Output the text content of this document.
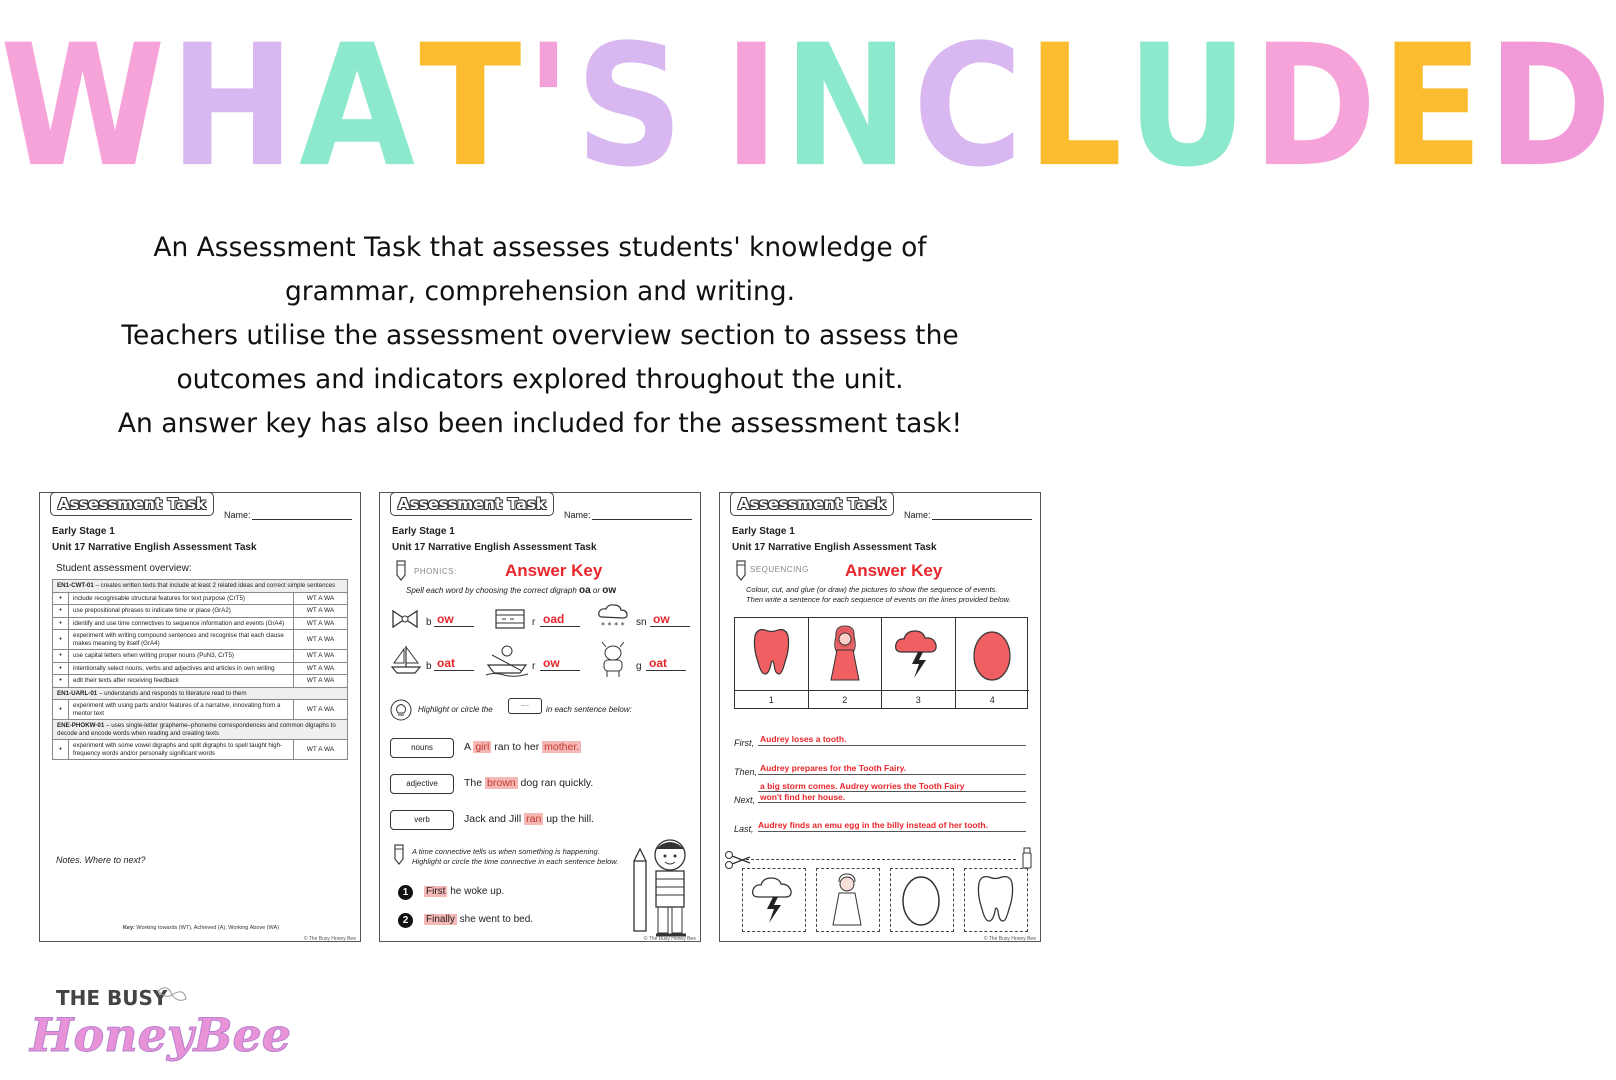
WHAT'S INCLUDED
An Assessment Task that assesses students' knowledge of
grammar, comprehension and writing.
Teachers utilise the assessment overview section to assess the
outcomes and indicators explored throughout the unit.
An answer key has also been included for the assessment task!
Assessment Task
Name:
Early Stage 1
Unit 17 Narrative English Assessment Task
Student assessment overview:
EN1-CWT-01 – creates written texts that include at least 2 related ideas and correct simple sentences		
•	include recognisable structural features for text purpose (CrT5)	WT A WA
•	use prepositional phrases to indicate time or place (GrA2)	WT A WA
•	identify and use time connectives to sequence information and events (GrA4)	WT A WA
•	experiment with writing compound sentences and recognise that each clause makes meaning by itself (GrA4)	WT A WA
•	use capital letters when writing proper nouns (PuN3, CrT5)	WT A WA
•	intentionally select nouns, verbs and adjectives and articles in own writing	WT A WA
•	edit their texts after receiving feedback	WT A WA
EN1-UARL-01 – understands and responds to literature read to them		
•	experiment with using parts and/or features of a narrative, innovating from a mentor text	WT A WA
ENE-PHOKW-01 – uses single-letter grapheme–phoneme correspondences and common digraphs to decode and encode words when reading and creating texts		
•	experiment with some vowel digraphs and split digraphs to spell taught high-frequency words and/or personally significant words	WT A WA
Notes. Where to next?
Key: Working towards (WT), Achieved (A), Working Above (WA)
© The Busy Honey Bee
Assessment Task
Name:
Early Stage 1
Unit 17 Narrative English Assessment Task
PHONICS:	Answer Key
Spell each word by choosing the correct digraph oa or ow
b ow	r oad	* * * * sn ow
b oat	r ow	g oat
Highlight or circle the
....
in each sentence below:
nouns	A girl ran to her mother.
adjective	The brown dog ran quickly.
verb	Jack and Jill ran up the hill.
A time connective tells us when something is happening.
Highlight or circle the time connective in each sentence below.
1	First he woke up.
2	Finally she went to bed.
© The Busy Honey Bee
Assessment Task
Name:
Early Stage 1
Unit 17 Narrative English Assessment Task
SEQUENCING Answer Key
Colour, cut, and glue (or draw) the pictures to show the sequence of events.
Then write a sentence for each sequence of events on the lines provided below.
1	2	3	4
First, Audrey loses a tooth.
Then, Audrey prepares for the Tooth Fairy.
a big storm comes. Audrey worries the Tooth Fairy
Next, won't find her house.
Last, Audrey finds an emu egg in the billy instead of her tooth.
© The Busy Honey Bee
THE BUSY
HoneyBee
